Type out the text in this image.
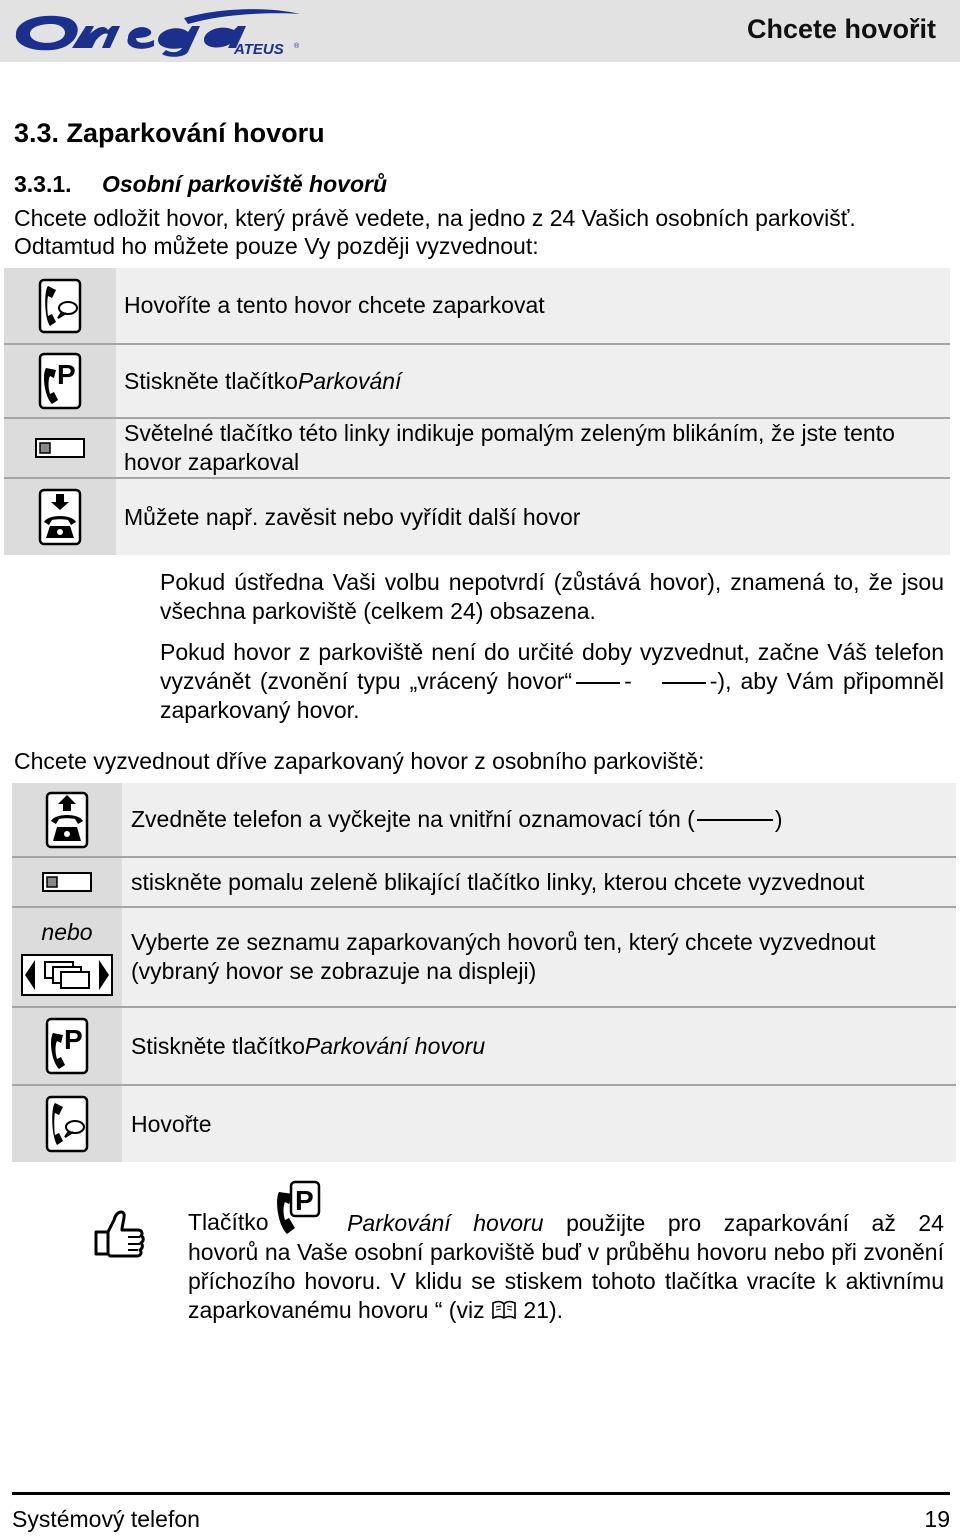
ATEUS ®
Chcete hovořit
3.3. Zaparkování hovoru
3.3.1. Osobní parkoviště hovorů
Chcete odložit hovor, který právě vedete, na jedno z 24 Vašich osobních parkovišť. Odtamtud ho můžete pouze Vy později vyzvednout:
Hovoříte a tento hovor chcete zaparkovat
P Stiskněte tlačítko Parkování
Světelné tlačítko této linky indikuje pomalým zeleným blikáním, že jste tento hovor zaparkoval
Můžete např. zavěsit nebo vyřídit další hovor
Pokud ústředna Vaši volbu nepotvrdí (zůstává hovor), znamená to, že jsou všechna parkoviště (celkem 24) obsazena.
Pokud hovor z parkoviště není do určité doby vyzvednut, začne Váš telefon vyzvánět (zvonění typu „vrácený hovor“ -	-), aby Vám připomněl zaparkovaný hovor.
Chcete vyzvednout dříve zaparkovaný hovor z osobního parkoviště:
Zvedněte telefon a vyčkejte na vnitřní oznamovací tón (	)
stiskněte pomalu zeleně blikající tlačítko linky, kterou chcete vyzvednout
nebo	Vyberte ze seznamu zaparkovaných hovorů ten, který chcete vyzvednout (vybraný hovor se zobrazuje na displeji)
P Stiskněte tlačítko Parkování hovoru
Hovořte
Tlačítko
P
Parkování hovoru použijte pro zaparkování až 24
hovorů na Vaše osobní parkoviště buď v průběhu hovoru nebo při zvonění příchozího hovoru. V klidu se stiskem tohoto tlačítka vracíte k aktivnímu zaparkovanému hovoru “ (viz 21).
Systémový telefon	19
